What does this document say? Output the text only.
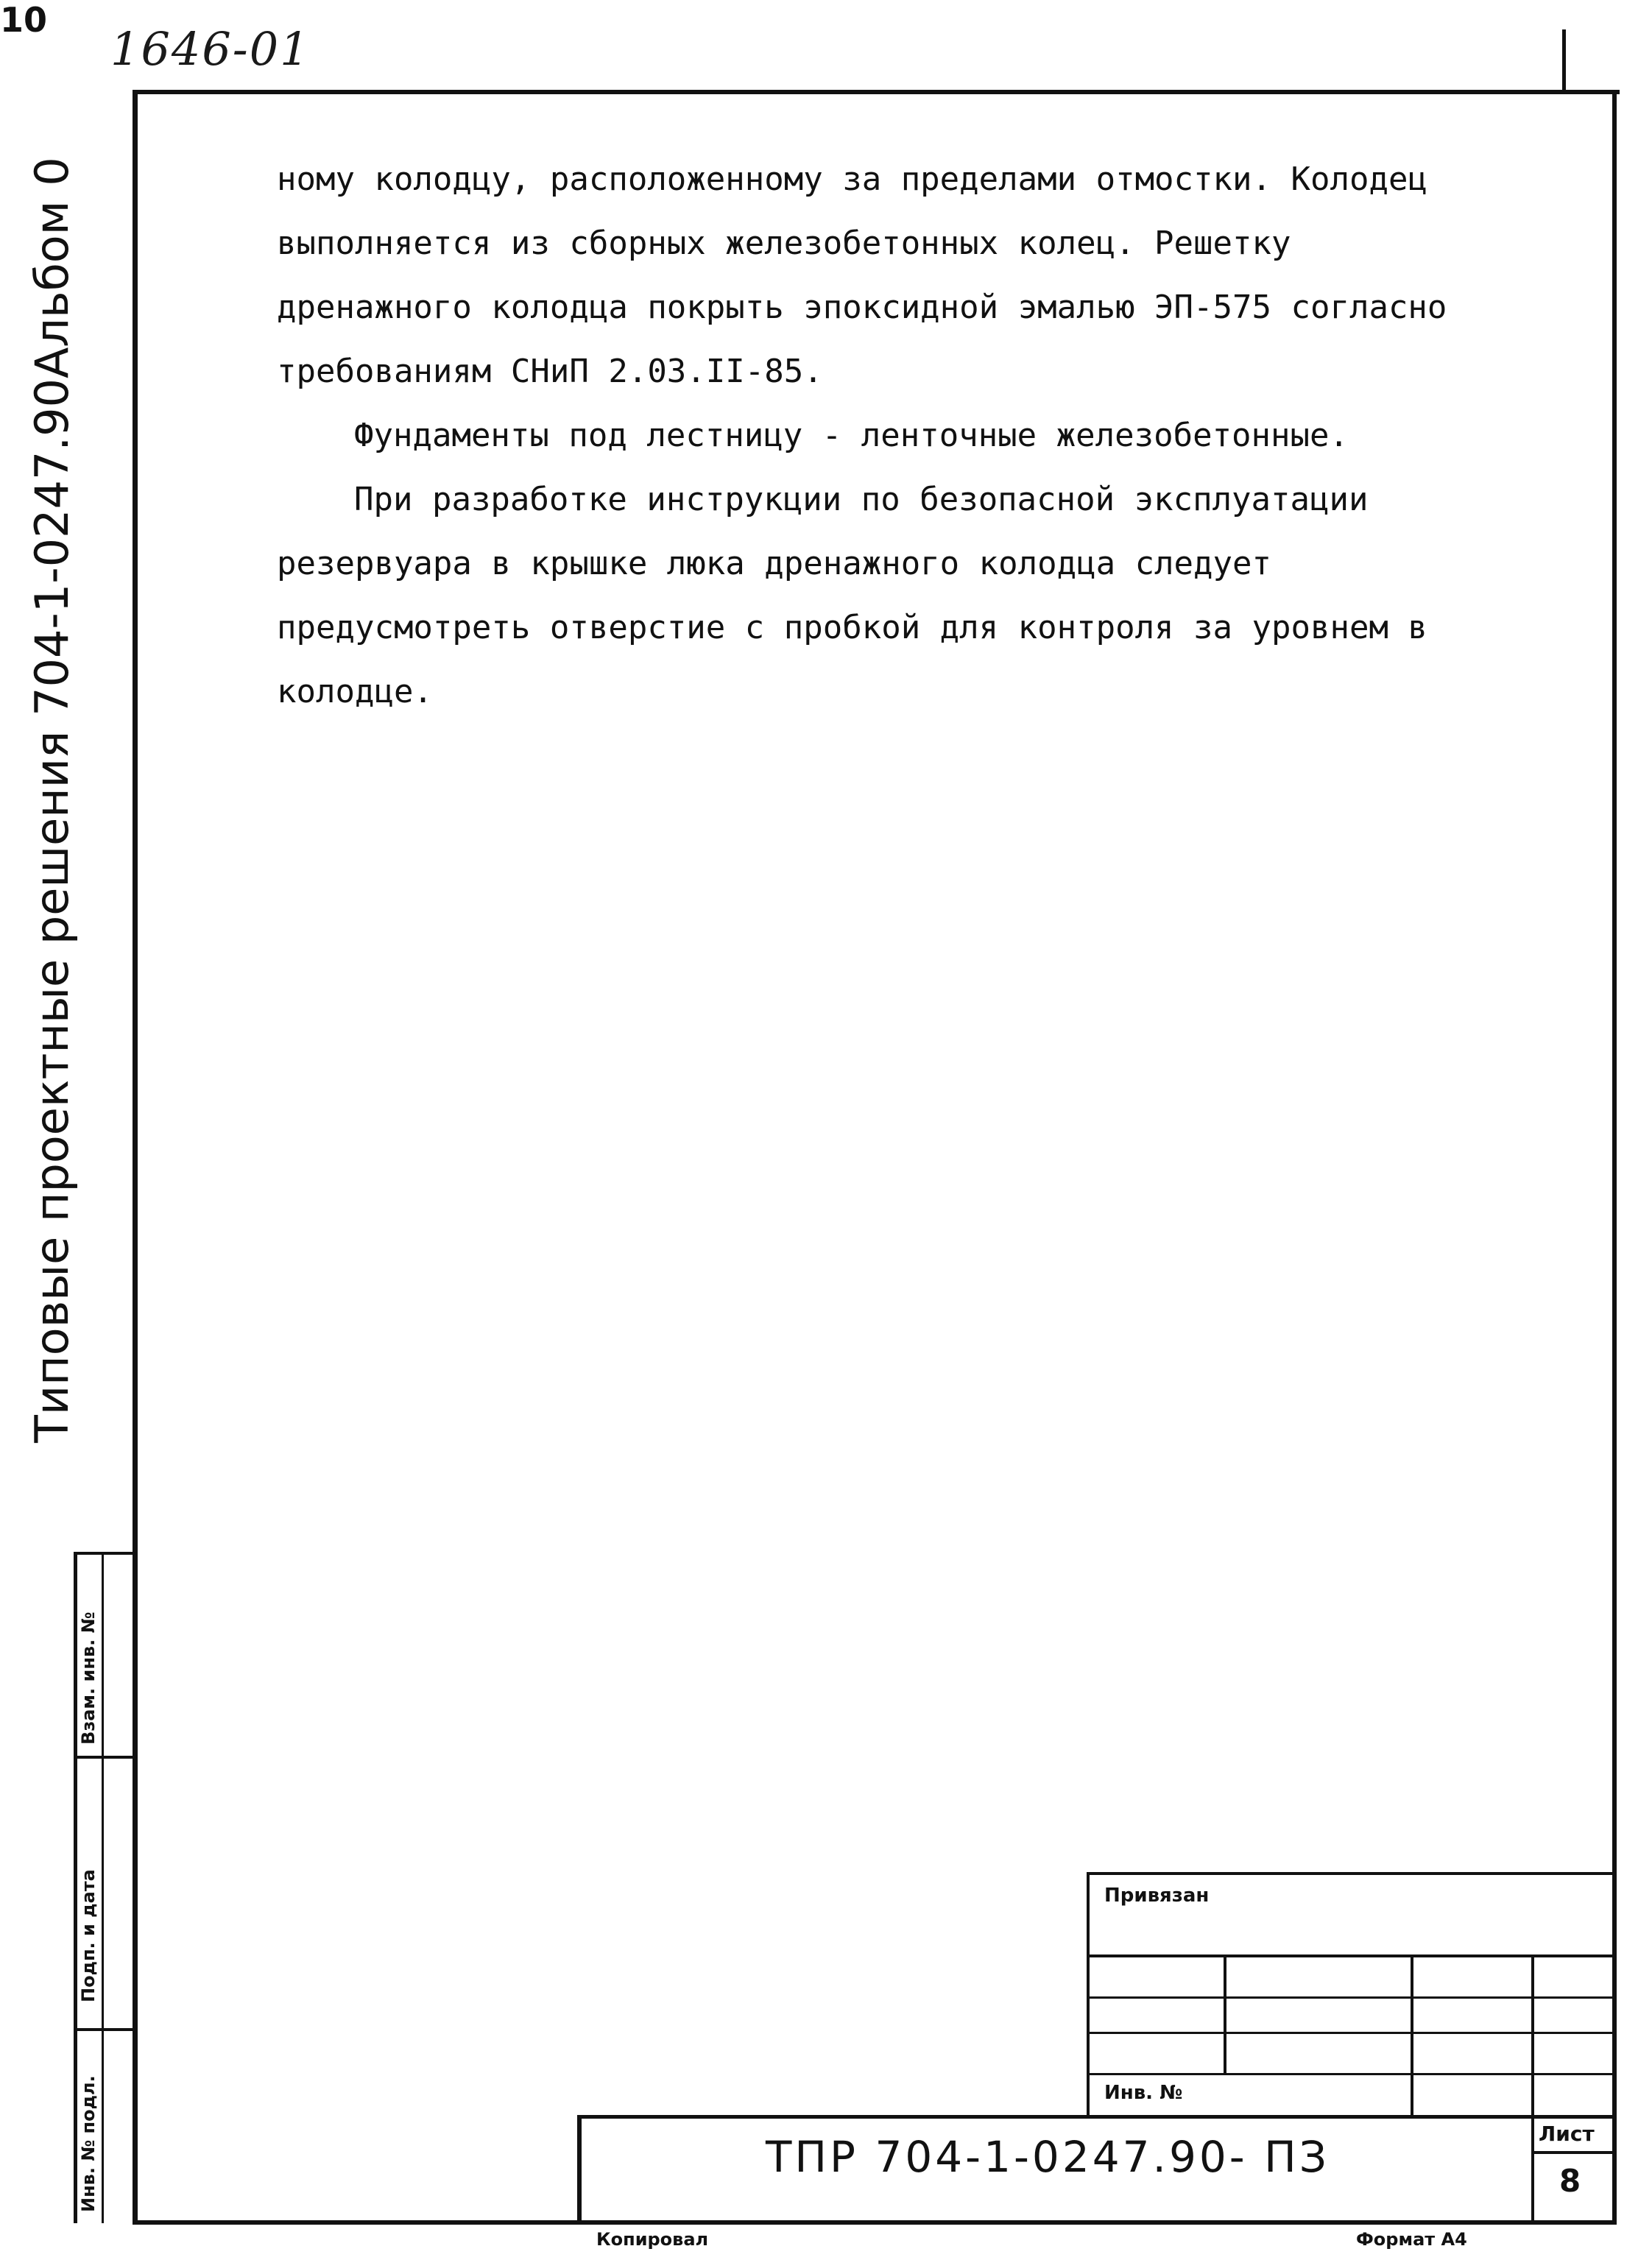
1646-01
10
Типовые проектные решения 704-1-0247.90
Альбом 0
Взам. инв. №
Подп. и дата
Инв. № подл.

ному колодцу, расположенному за пределами отмостки. Колодец выполняется из сборных железобетонных колец. Решетку дренажного колодца покрыть эпоксидной эмалью ЭП-575 согласно требованиям СНиП 2.03.II-85.

Фундаменты под лестницу - ленточные железобетонные.

При разработке инструкции по безопасной эксплуатации резервуара в крышке люка дренажного колодца следует предусмотреть отверстие с пробкой для контроля за уровнем в колодце.

Привязан
Инв. №
ТПР 704-1-0247.90- ПЗ	Лист
8
Копировал	Формат А4
